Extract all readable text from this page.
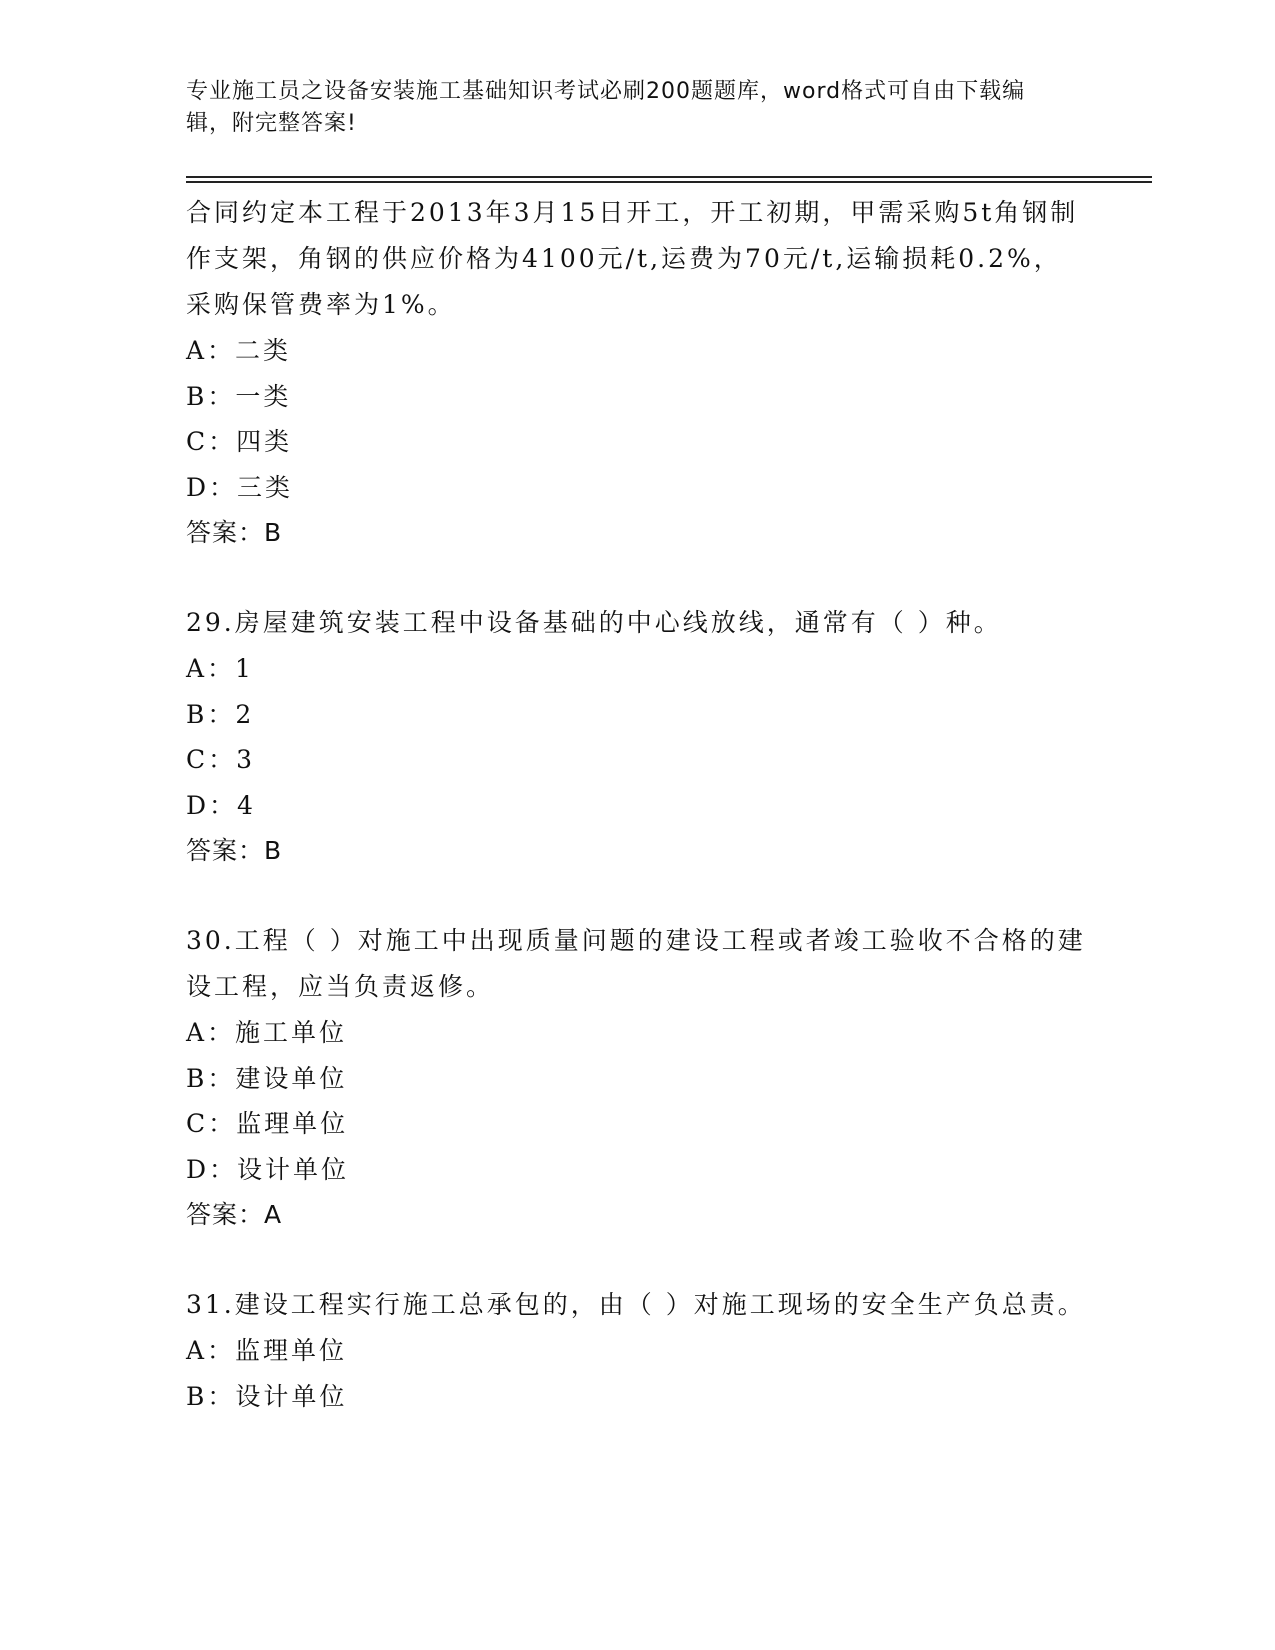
专业施工员之设备安装施工基础知识考试必刷200题题库，word格式可自由下载编辑，附完整答案!

合同约定本工程于2013年3月15日开工，开工初期，甲需采购5t角钢制作支架，角钢的供应价格为4100元/t,运费为70元/t,运输损耗0.2%，采购保管费率为1%。

A：二类

B：一类

C：四类

D：三类

答案：B

29.房屋建筑安装工程中设备基础的中心线放线，通常有（ ）种。

A：1

B：2

C：3

D：4

答案：B

30.工程（ ）对施工中出现质量问题的建设工程或者竣工验收不合格的建设工程，应当负责返修。

A：施工单位

B：建设单位

C：监理单位

D：设计单位

答案：A

31.建设工程实行施工总承包的，由（ ）对施工现场的安全生产负总责。

A：监理单位

B：设计单位
